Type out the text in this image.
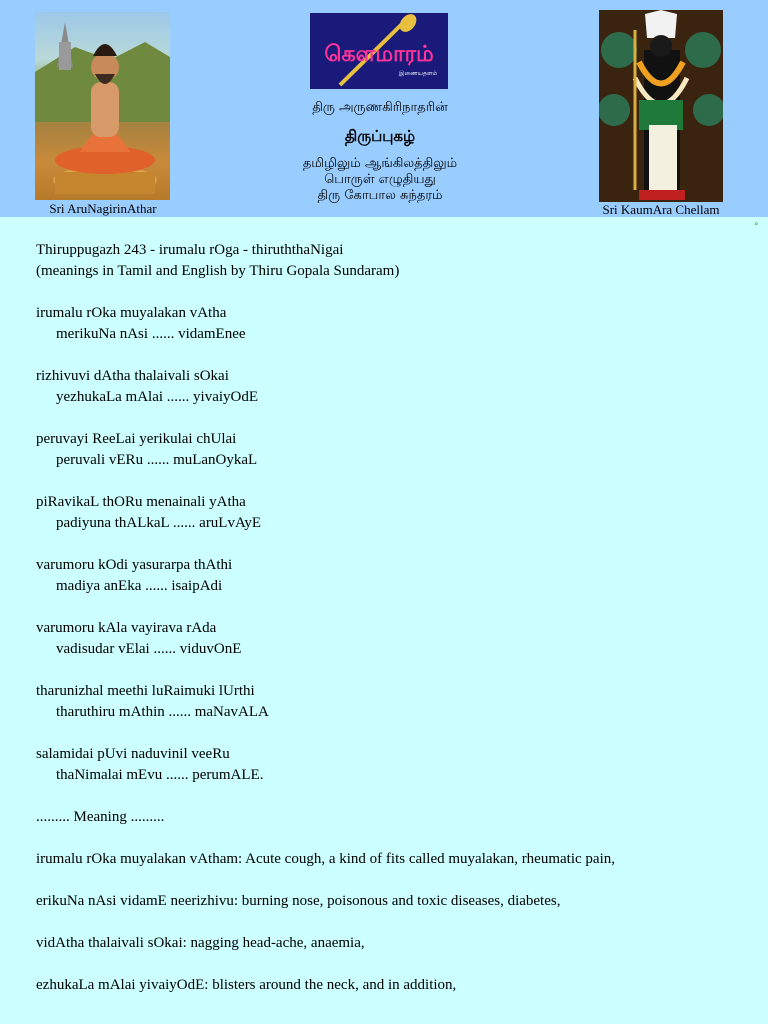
Sri AruNagirinAthar
கௌமாரம்
இணையதளம்
திரு அருணகிரிநாதரின்
திருப்புகழ்
தமிழிலும் ஆங்கிலத்திலும்
பொருள் எழுதியது
திரு கோபால சுந்தரம்
Sri KaumAra Chellam
°

Thiruppugazh 243 - irumalu rOga - thiruththaNigai

(meanings in Tamil and English by Thiru Gopala Sundaram)

irumalu rOka muyalakan vAtha

merikuNa nAsi ...... vidamEnee

rizhivuvi dAtha thalaivali sOkai

yezhukaLa mAlai ...... yivaiyOdE

peruvayi ReeLai yerikulai chUlai

peruvali vERu ...... muLanOykaL

piRavikaL thORu menainali yAtha

padiyuna thALkaL ...... aruLvAyE

varumoru kOdi yasurarpa thAthi

madiya anEka ...... isaipAdi

varumoru kAla vayirava rAda

vadisudar vElai ...... viduvOnE

tharunizhal meethi luRaimuki lUrthi

tharuthiru mAthin ...... maNavALA

salamidai pUvi naduvinil veeRu

thaNimalai mEvu ...... perumALE.

......... Meaning .........

irumalu rOka muyalakan vAtham: Acute cough, a kind of fits called muyalakan, rheumatic pain,

erikuNa nAsi vidamE neerizhivu: burning nose, poisonous and toxic diseases, diabetes,

vidAtha thalaivali sOkai: nagging head-ache, anaemia,

ezhukaLa mAlai yivaiyOdE: blisters around the neck, and in addition,
